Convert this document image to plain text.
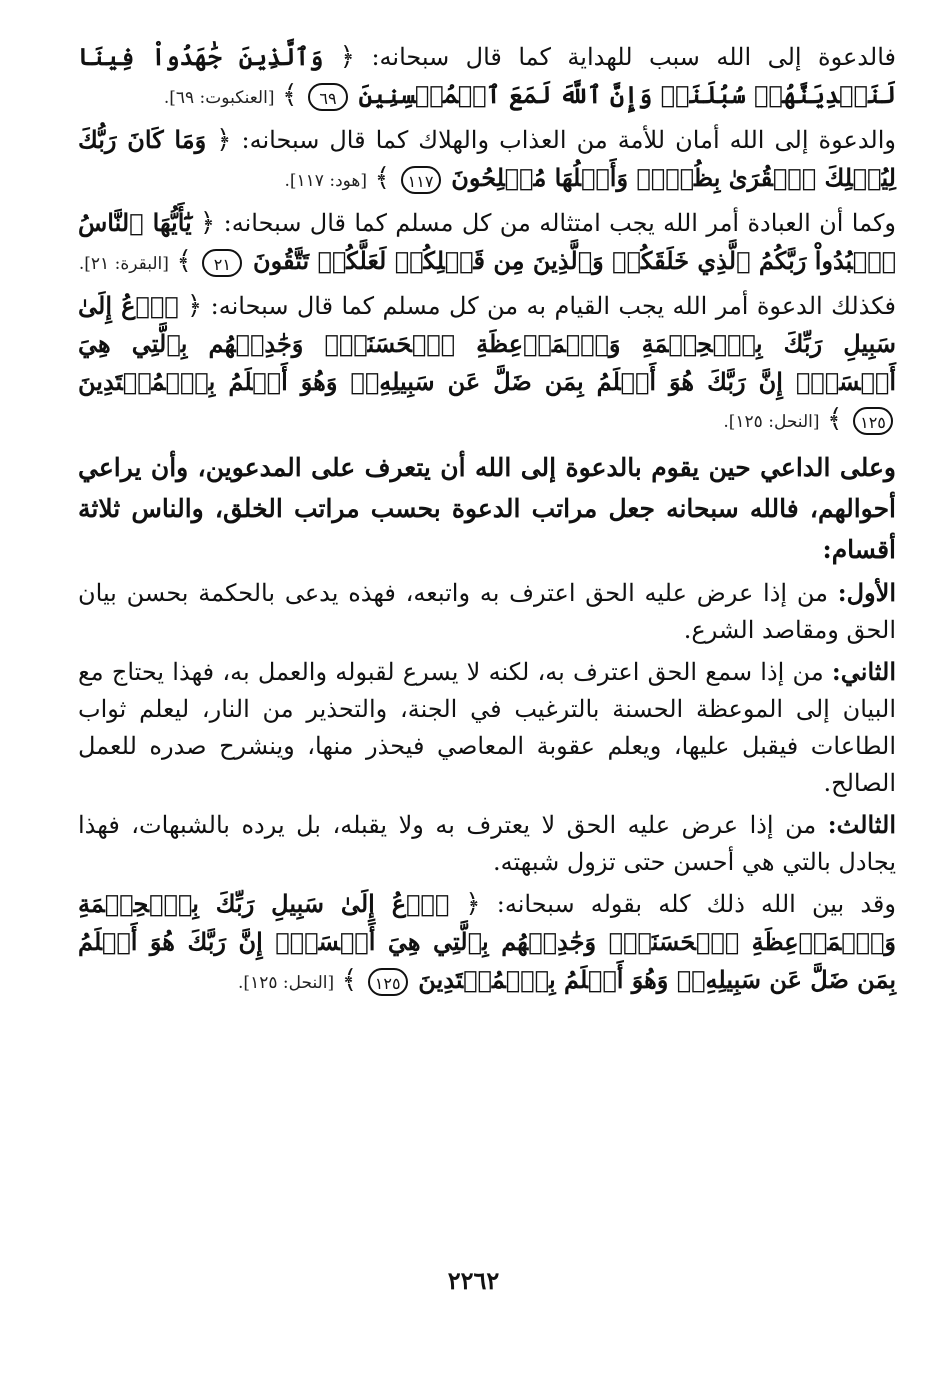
فالدعوة إلى الله سبب للهداية كما قال سبحانه: ﴿ وَٱلَّذِينَ جَٰهَدُواْ فِينَا لَنَهۡدِيَنَّهُمۡ سُبُلَنَاۚ وَإِنَّ ٱللَّهَ لَمَعَ ٱلۡمُحۡسِنِينَ ٦٩ ﴾ [العنكبوت: ٦٩].

والدعوة إلى الله أمان للأمة من العذاب والهلاك كما قال سبحانه: ﴿ وَمَا كَانَ رَبُّكَ لِيُهۡلِكَ ٱلۡقُرَىٰ بِظُلۡمٖ وَأَهۡلُهَا مُصۡلِحُونَ ١١٧ ﴾ [هود: ١١٧].

وكما أن العبادة أمر الله يجب امتثاله من كل مسلم كما قال سبحانه: ﴿ يَٰٓأَيُّهَا ٱلنَّاسُ ٱعۡبُدُواْ رَبَّكُمُ ٱلَّذِي خَلَقَكُمۡ وَٱلَّذِينَ مِن قَبۡلِكُمۡ لَعَلَّكُمۡ تَتَّقُونَ ٢١ ﴾ [البقرة: ٢١].

فكذلك الدعوة أمر الله يجب القيام به من كل مسلم كما قال سبحانه: ﴿ ٱدۡعُ إِلَىٰ سَبِيلِ رَبِّكَ بِٱلۡحِكۡمَةِ وَٱلۡمَوۡعِظَةِ ٱلۡحَسَنَةِۖ وَجَٰدِلۡهُم بِٱلَّتِي هِيَ أَحۡسَنُۚ إِنَّ رَبَّكَ هُوَ أَعۡلَمُ بِمَن ضَلَّ عَن سَبِيلِهِۦۖ وَهُوَ أَعۡلَمُ بِٱلۡمُهۡتَدِينَ ١٢٥ ﴾ [النحل: ١٢٥].

وعلى الداعي حين يقوم بالدعوة إلى الله أن يتعرف على المدعوين، وأن يراعي أحوالهم، فالله سبحانه جعل مراتب الدعوة بحسب مراتب الخلق، والناس ثلاثة أقسام:

الأول: من إذا عرض عليه الحق اعترف به واتبعه، فهذه يدعى بالحكمة بحسن بيان الحق ومقاصد الشرع.

الثاني: من إذا سمع الحق اعترف به، لكنه لا يسرع لقبوله والعمل به، فهذا يحتاج مع البيان إلى الموعظة الحسنة بالترغيب في الجنة، والتحذير من النار، ليعلم ثواب الطاعات فيقبل عليها، ويعلم عقوبة المعاصي فيحذر منها، وينشرح صدره للعمل الصالح.

الثالث: من إذا عرض عليه الحق لا يعترف به ولا يقبله، بل يرده بالشبهات، فهذا يجادل بالتي هي أحسن حتى تزول شبهته.

وقد بين الله ذلك كله بقوله سبحانه: ﴿ ٱدۡعُ إِلَىٰ سَبِيلِ رَبِّكَ بِٱلۡحِكۡمَةِ وَٱلۡمَوۡعِظَةِ ٱلۡحَسَنَةِۖ وَجَٰدِلۡهُم بِٱلَّتِي هِيَ أَحۡسَنُۚ إِنَّ رَبَّكَ هُوَ أَعۡلَمُ بِمَن ضَلَّ عَن سَبِيلِهِۦۖ وَهُوَ أَعۡلَمُ بِٱلۡمُهۡتَدِينَ ١٢٥ ﴾ [النحل: ١٢٥].

٢٢٦٢
